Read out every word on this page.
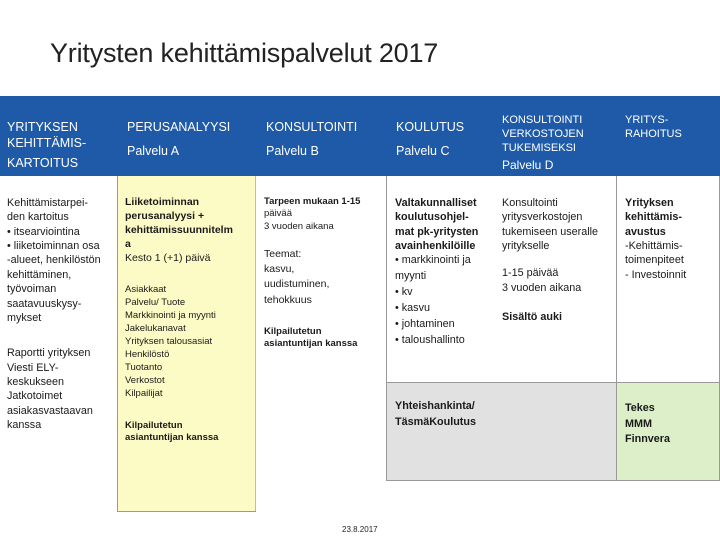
Yritysten kehittämispalvelut 2017
YRITYKSEN
KEHITTÄMIS-
KARTOITUS
PERUSANALYYSI
Palvelu A
KONSULTOINTI
Palvelu B
KOULUTUS
Palvelu C
KONSULTOINTI
VERKOSTOJEN
TUKEMISEKSI
Palvelu D
YRITYS-
RAHOITUS
Kehittämistarpei-
den kartoitus
• itsearviointina
• liiketoiminnan osa
-alueet, henkilöstön
kehittäminen,
työvoiman
saatavuuskysy-
mykset
Raportti yrityksen
Viesti ELY-
keskukseen
Jatkotoimet
asiakasvastaavan
kanssa
Liiketoiminnan
perusanalyysi +
kehittämissuunnitelm
a
Kesto 1 (+1) päivä
Asiakkaat
Palvelu/ Tuote
Markkinointi ja myynti
Jakelukanavat
Yrityksen talousasiat
Henkilöstö
Tuotanto
Verkostot
Kilpailijat
Kilpailutetun
asiantuntijan kanssa
Tarpeen mukaan 1-15
päivää
3 vuoden aikana
Teemat:
kasvu,
uudistuminen,
tehokkuus
Kilpailutetun
asiantuntijan kanssa
Valtakunnalliset
koulutusohjel-
mat pk-yritysten
avainhenkilöille
• markkinointi ja
myynti
• kv
• kasvu
• johtaminen
• taloushallinto
Yhteishankinta/
TäsmäKoulutus
Konsultointi
yritysverkostojen
tukemiseen useralle
yritykselle
1-15 päivää
3 vuoden aikana
Sisältö auki
Yrityksen
kehittämis-
avustus
-Kehittämis-
toimenpiteet
- Investoinnit
Tekes
MMM
Finnvera
23.8.2017
